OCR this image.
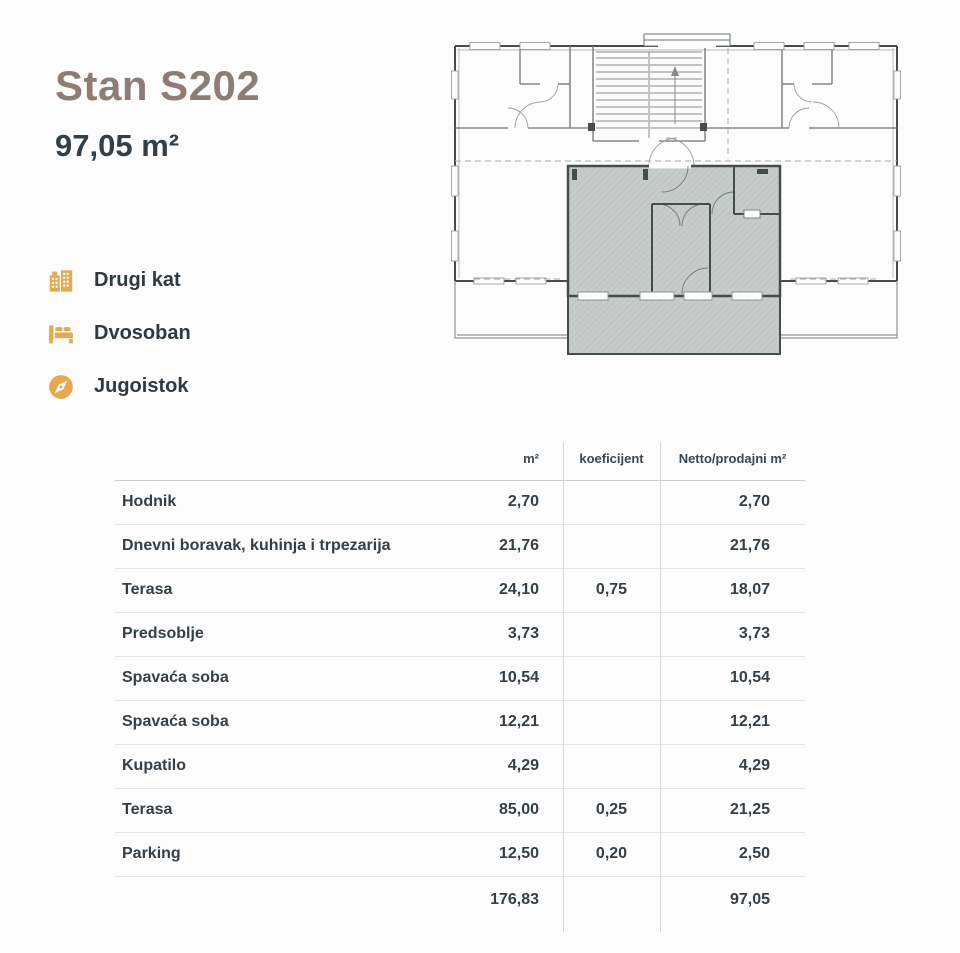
Stan S202
97,05 m²
Drugi kat
Dvosoban
Jugoistok
	m²	koeficijent	Netto/prodajni m²
Hodnik	2,70		2,70
Dnevni boravak, kuhinja i trpezarija	21,76		21,76
Terasa	24,10	0,75	18,07
Predsoblje	3,73		3,73
Spavaća soba	10,54		10,54
Spavaća soba	12,21		12,21
Kupatilo	4,29		4,29
Terasa	85,00	0,25	21,25
Parking	12,50	0,20	2,50
	176,83		97,05
